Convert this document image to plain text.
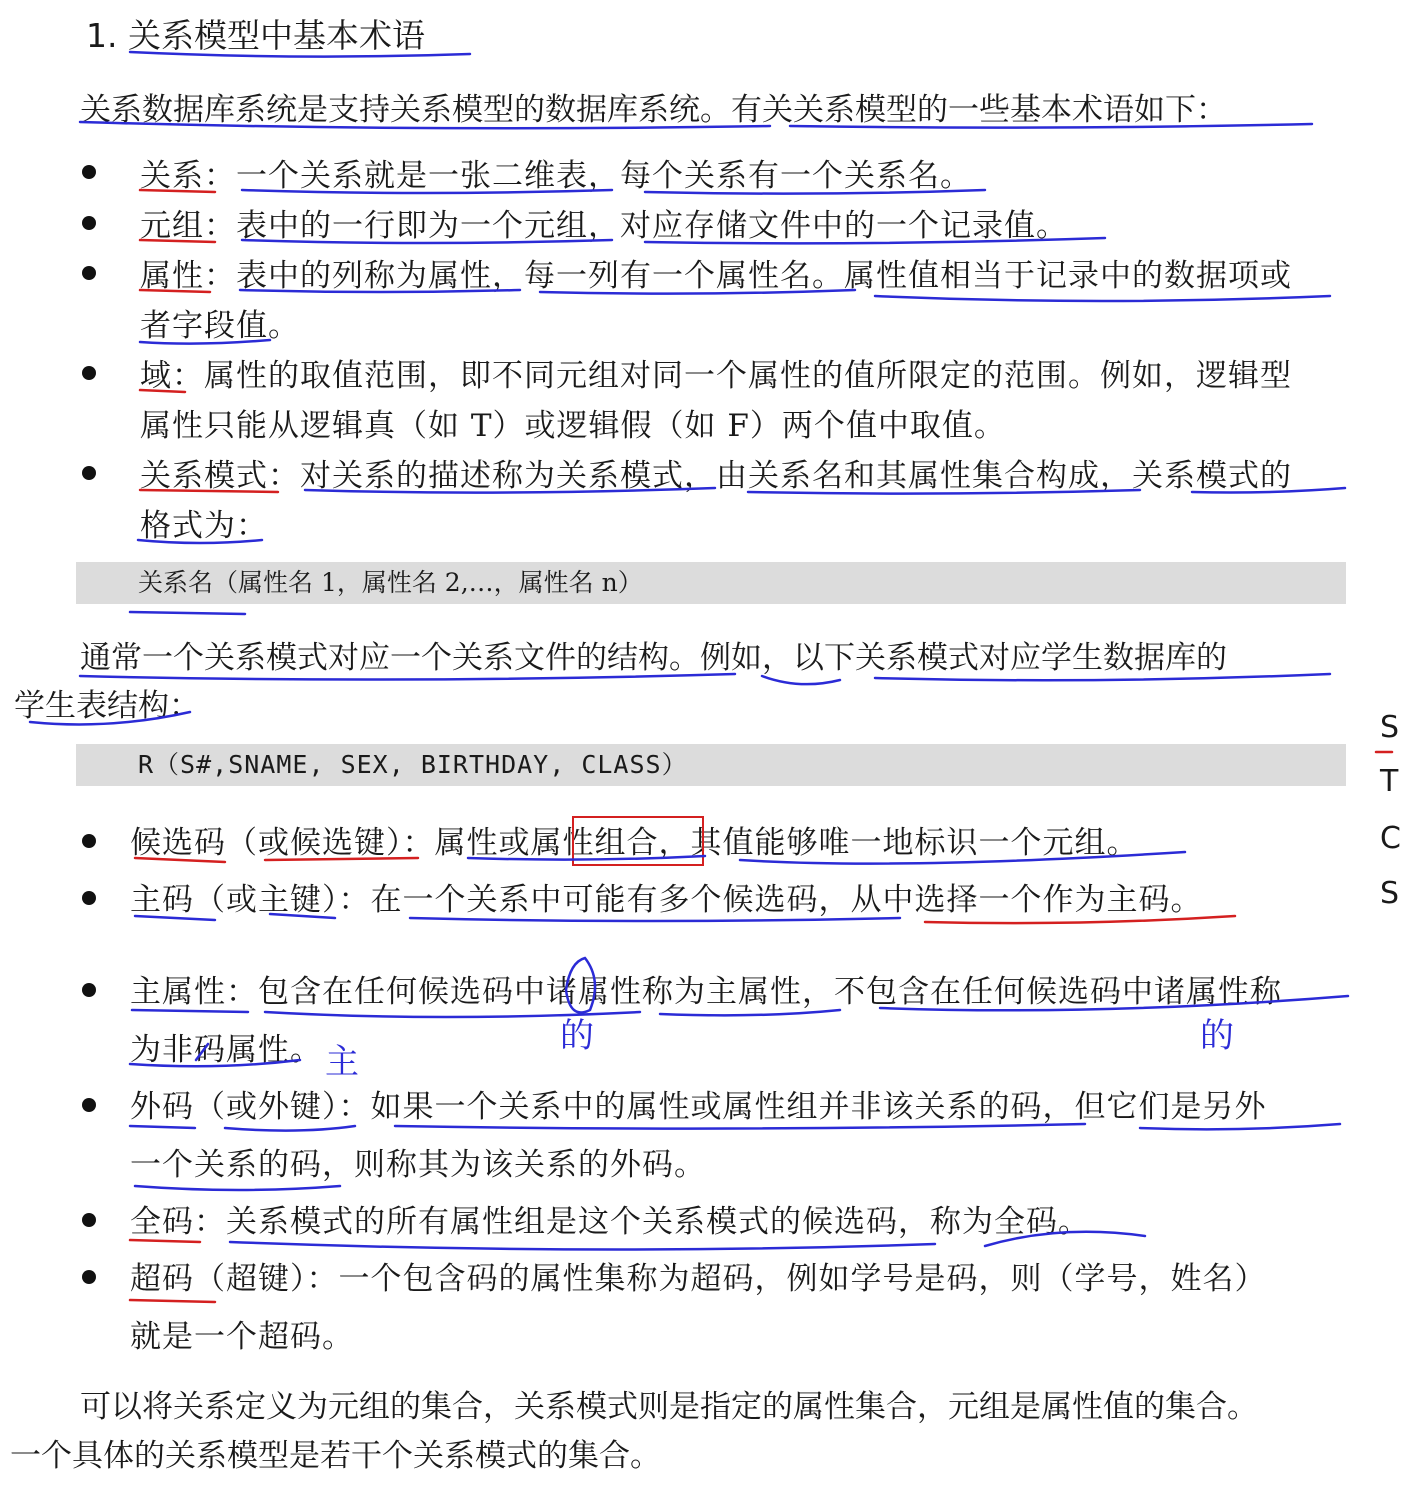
1. 关系模型中基本术语
关系数据库系统是支持关系模型的数据库系统。有关关系模型的一些基本术语如下：
关系：一个关系就是一张二维表，每个关系有一个关系名。
元组：表中的一行即为一个元组，对应存储文件中的一个记录值。
属性：表中的列称为属性，每一列有一个属性名。属性值相当于记录中的数据项或
者字段值。
域：属性的取值范围，即不同元组对同一个属性的值所限定的范围。例如，逻辑型
属性只能从逻辑真（如 T）或逻辑假（如 F）两个值中取值。
关系模式：对关系的描述称为关系模式，由关系名和其属性集合构成，关系模式的
格式为：
关系名（属性名 1，属性名 2,…，属性名 n）
通常一个关系模式对应一个关系文件的结构。例如，以下关系模式对应学生数据库的
学生表结构：
R（S#,SNAME, SEX, BIRTHDAY, CLASS）
候选码（或候选键）：属性或属性组合，其值能够唯一地标识一个元组。
主码（或主键）：在一个关系中可能有多个候选码，从中选择一个作为主码。
主属性：包含在任何候选码中诸属性称为主属性，不包含在任何候选码中诸属性称
为非码属性。
外码（或外键）：如果一个关系中的属性或属性组并非该关系的码，但它们是另外
一个关系的码，则称其为该关系的外码。
全码：关系模式的所有属性组是这个关系模式的候选码，称为全码。
超码（超键）：一个包含码的属性集称为超码，例如学号是码，则（学号，姓名）
就是一个超码。
可以将关系定义为元组的集合，关系模式则是指定的属性集合，元组是属性值的集合。
一个具体的关系模型是若干个关系模式的集合。
S
T
C
S
的	的
主
